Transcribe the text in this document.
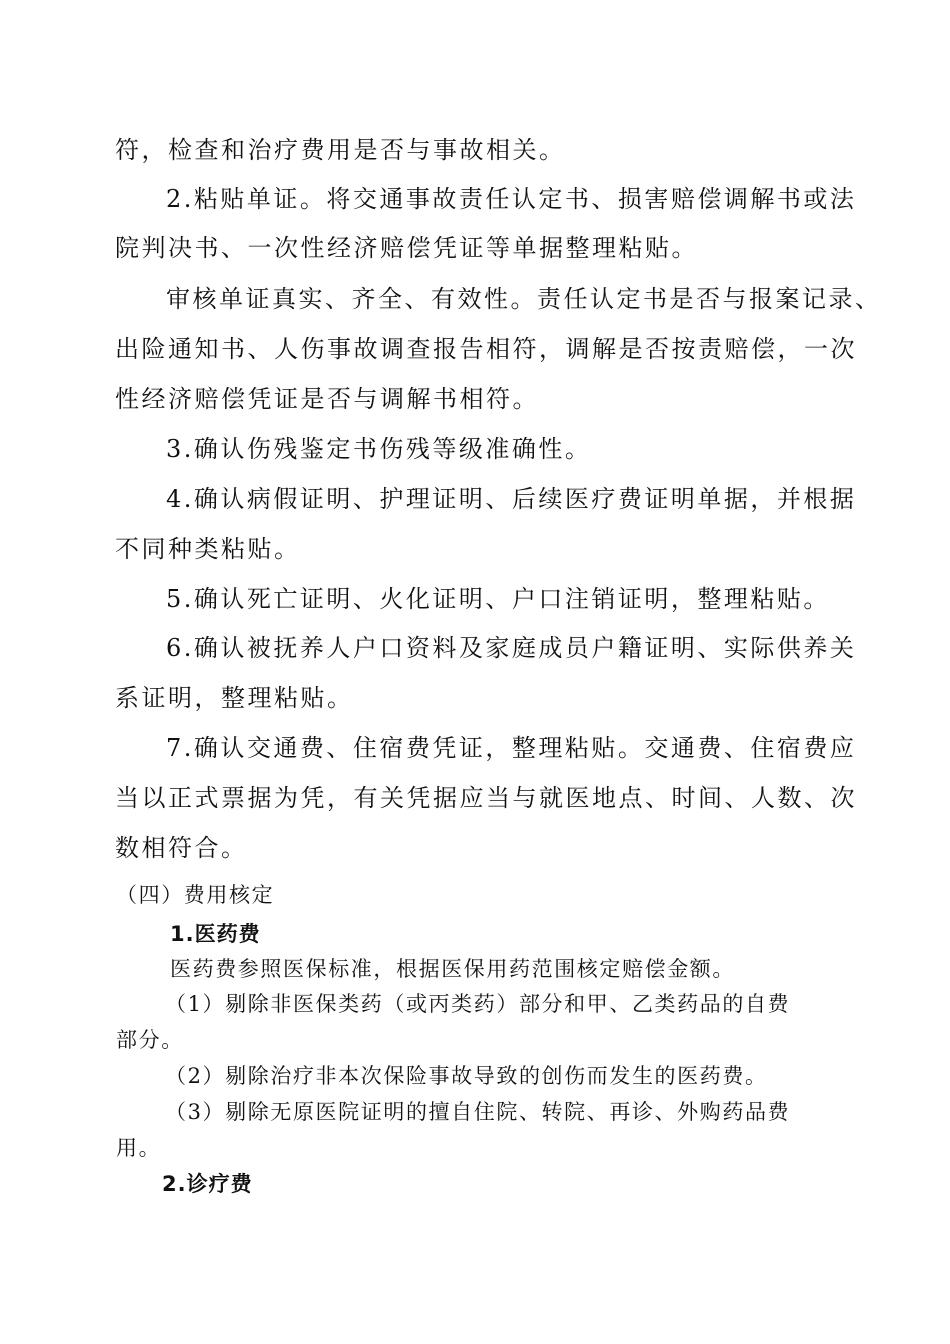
符，检查和治疗费用是否与事故相关。
2.粘贴单证。将交通事故责任认定书、损害赔偿调解书或法
院判决书、一次性经济赔偿凭证等单据整理粘贴。
审核单证真实、齐全、有效性。责任认定书是否与报案记录、
出险通知书、人伤事故调查报告相符，调解是否按责赔偿，一次
性经济赔偿凭证是否与调解书相符。
3.确认伤残鉴定书伤残等级准确性。
4.确认病假证明、护理证明、后续医疗费证明单据，并根据
不同种类粘贴。
5.确认死亡证明、火化证明、户口注销证明，整理粘贴。
6.确认被抚养人户口资料及家庭成员户籍证明、实际供养关
系证明，整理粘贴。
7.确认交通费、住宿费凭证，整理粘贴。交通费、住宿费应
当以正式票据为凭，有关凭据应当与就医地点、时间、人数、次
数相符合。
（四）费用核定
1.医药费
医药费参照医保标准，根据医保用药范围核定赔偿金额。
（1）剔除非医保类药（或丙类药）部分和甲、乙类药品的自费
部分。
（2）剔除治疗非本次保险事故导致的创伤而发生的医药费。
（3）剔除无原医院证明的擅自住院、转院、再诊、外购药品费
用。
2.诊疗费
